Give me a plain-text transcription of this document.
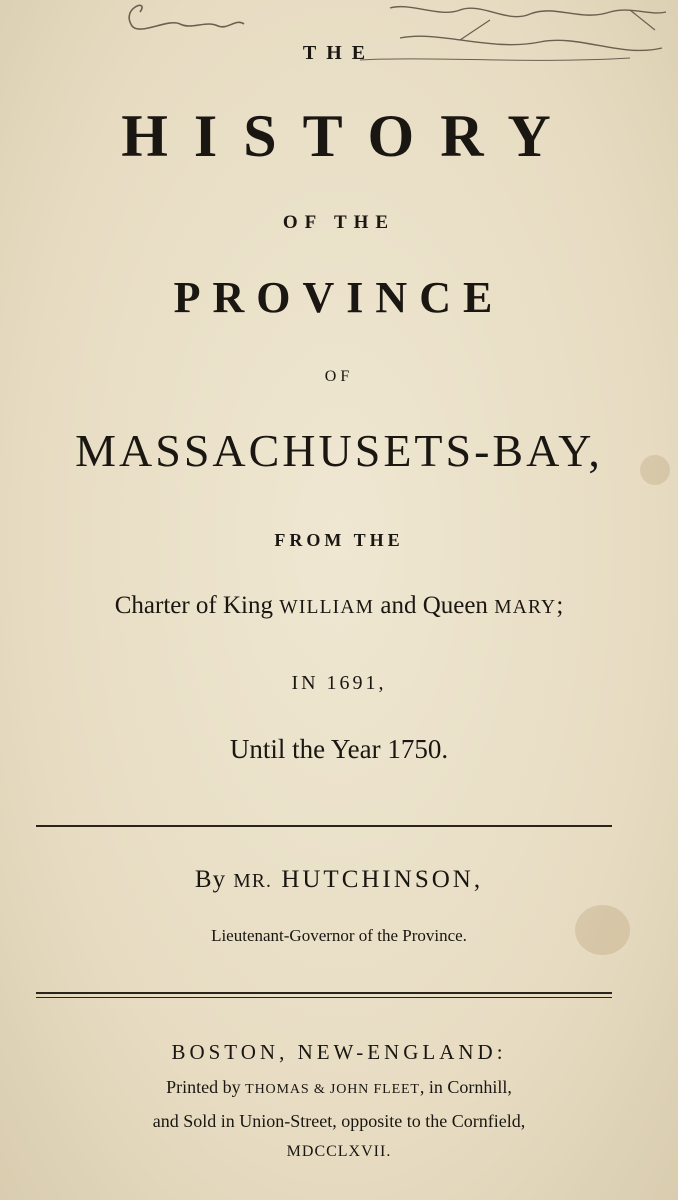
THE
HISTORY
OF THE
PROVINCE
OF
MASSACHUSETS-BAY,
FROM THE
Charter of King WILLIAM and Queen MARY;
IN 1691,
Until the Year 1750.
By MR. HUTCHINSON,
Lieutenant-Governor of the Province.
BOSTON, NEW-ENGLAND:
Printed by THOMAS & JOHN FLEET, in Cornhill,
and Sold in Union-Street, opposite to the Cornfield,
MDCCLXVII.
